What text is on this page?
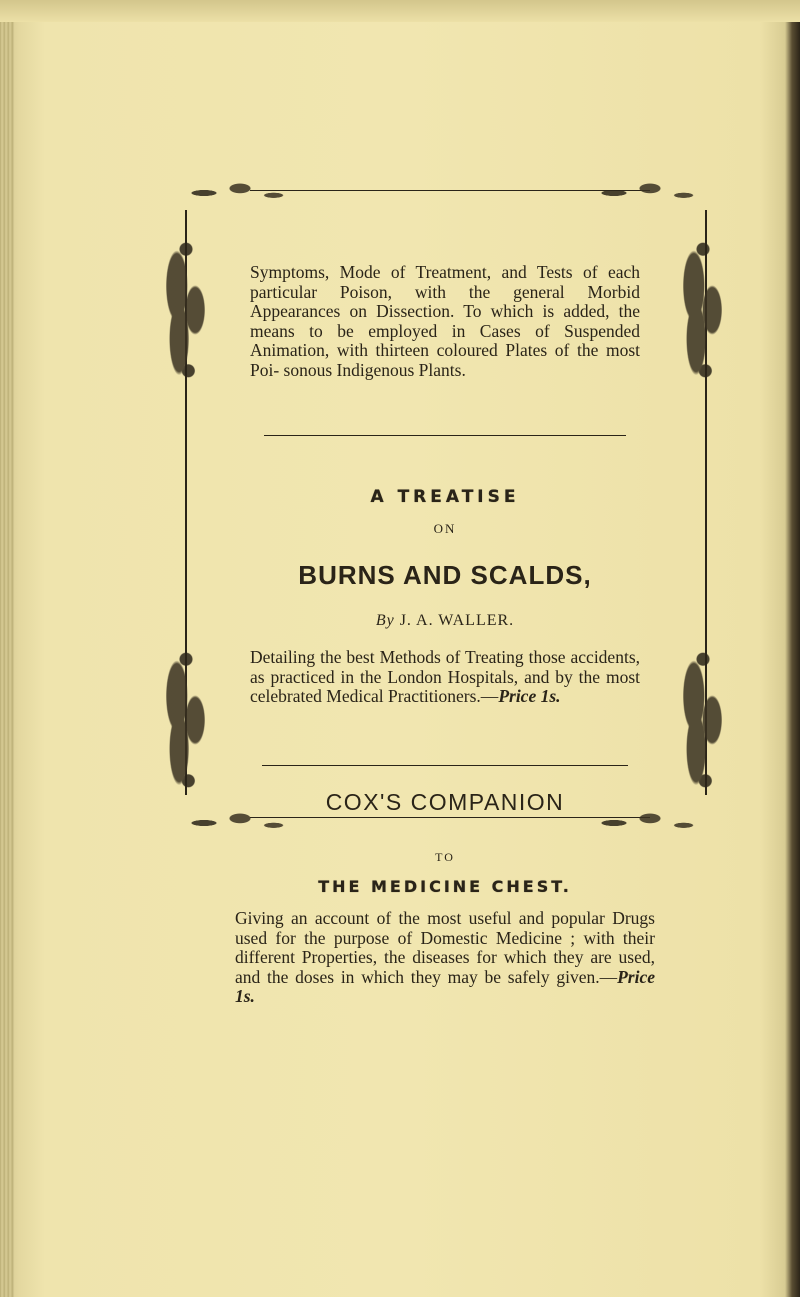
Symptoms, Mode of Treatment, and Tests of each particular Poison, with the general Morbid Appearances on Dissection. To which is added, the means to be employed in Cases of Suspended Animation, with thirteen coloured Plates of the most Poi- sonous Indigenous Plants.
A TREATISE
ON
BURNS AND SCALDS,
By J. A. WALLER.
Detailing the best Methods of Treating those accidents, as practiced in the London Hospitals, and by the most celebrated Medical Practitioners.—Price 1s.
COX'S COMPANION
TO
THE MEDICINE CHEST.
Giving an account of the most useful and popular Drugs used for the purpose of Domestic Medicine ; with their different Properties, the diseases for which they are used, and the doses in which they may be safely given.—Price 1s.
